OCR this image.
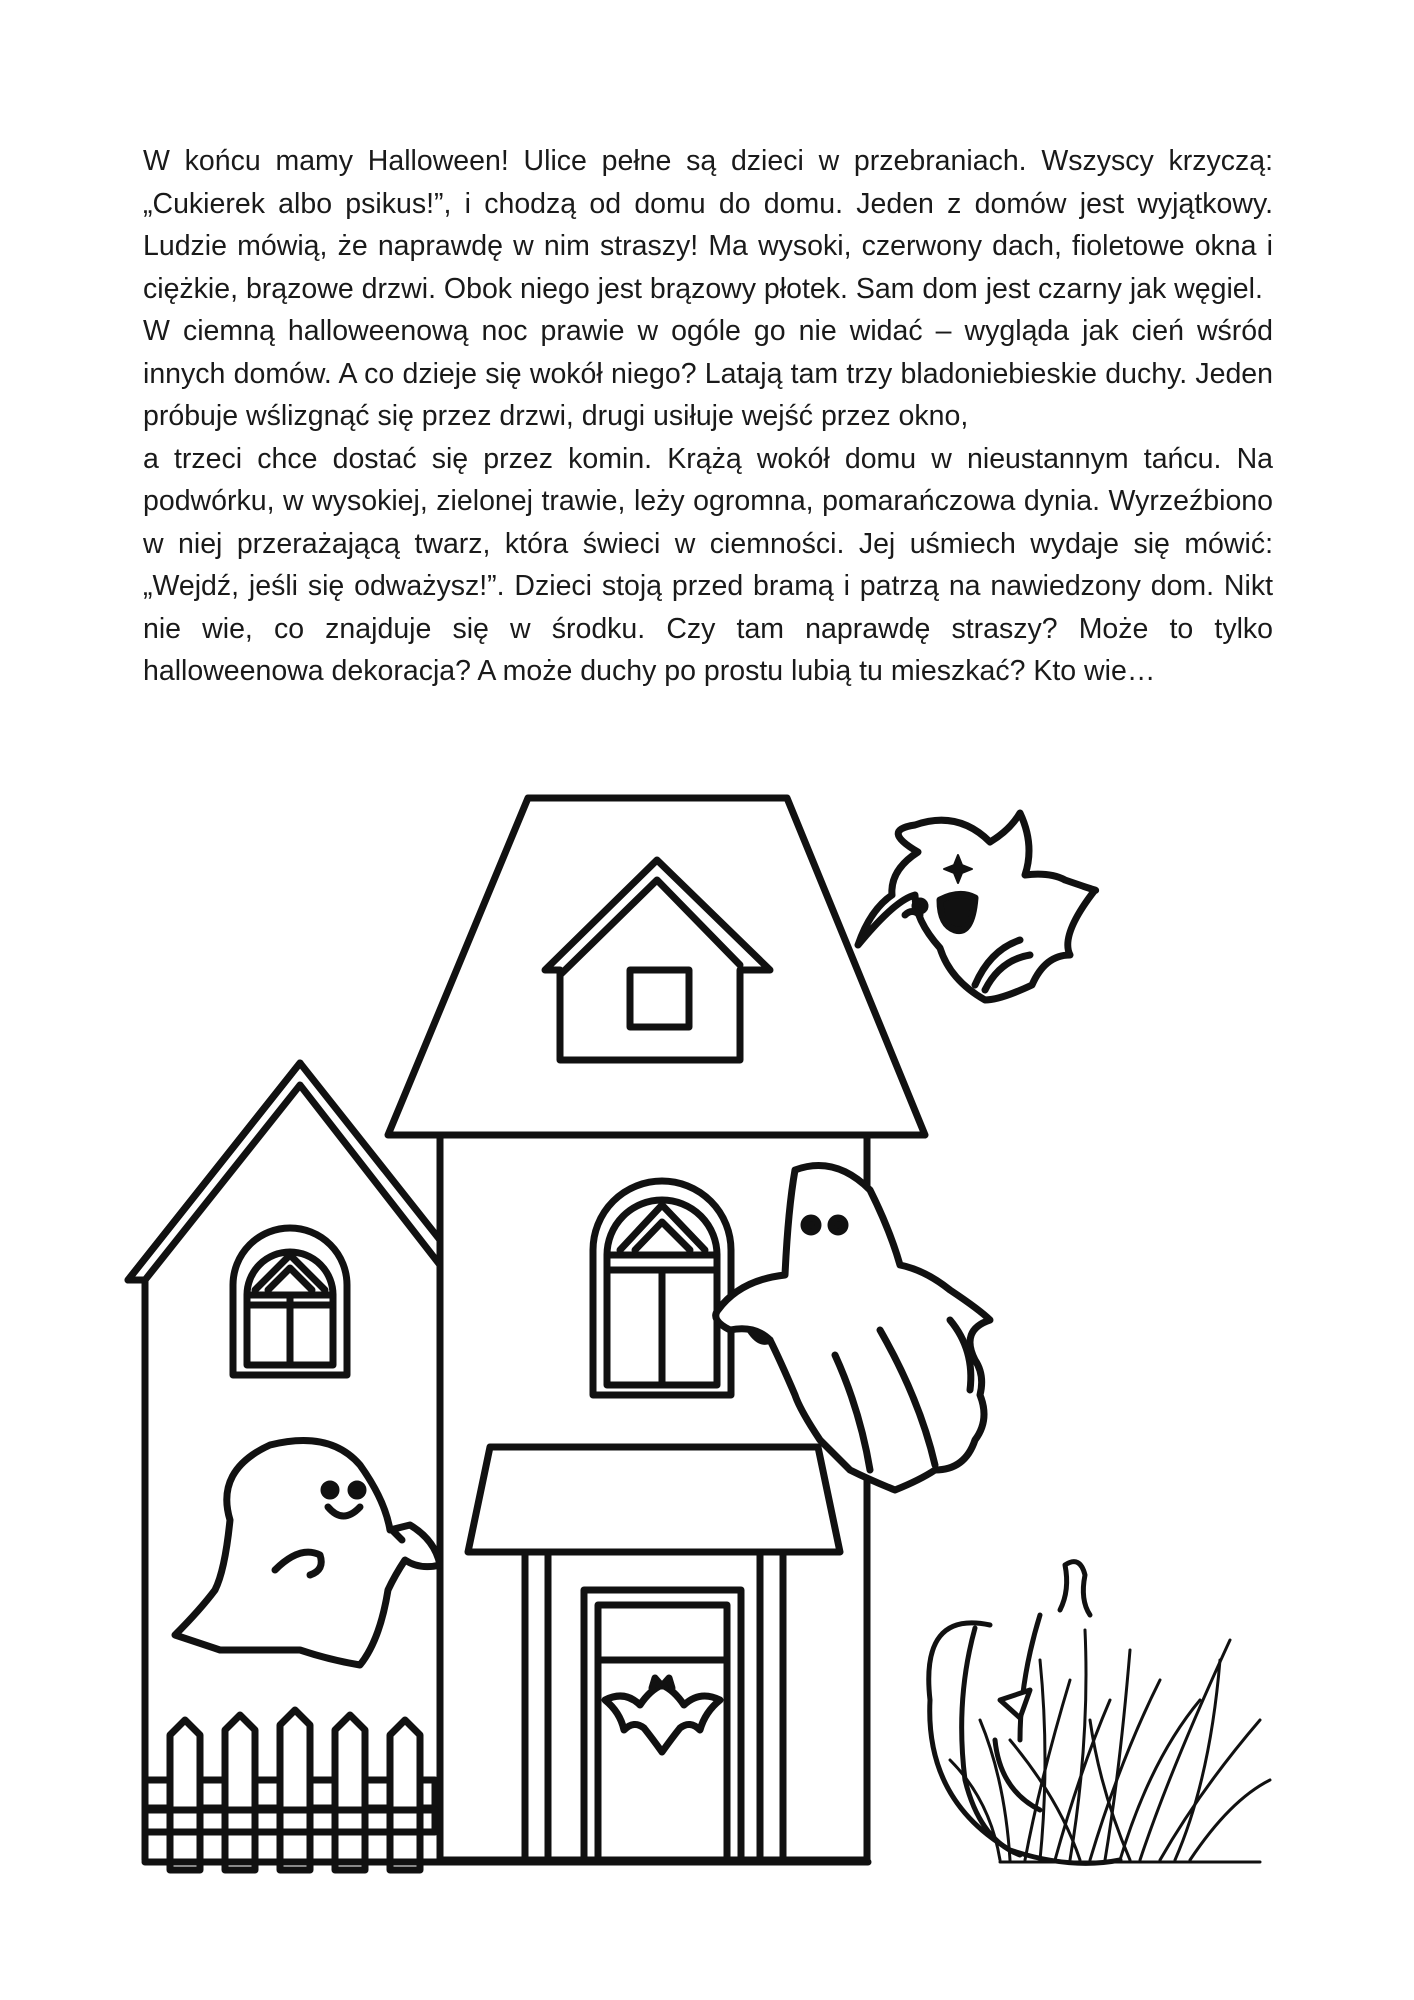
W końcu mamy Halloween! Ulice pełne są dzieci w przebraniach. Wszyscy krzyczą: „Cukierek albo psikus!”, i chodzą od domu do domu. Jeden z domów jest wyjątkowy. Ludzie mówią, że naprawdę w nim straszy! Ma wysoki, czerwony dach, fioletowe okna i ciężkie, brązowe drzwi. Obok niego jest brązowy płotek. Sam dom jest czarny jak węgiel.

W ciemną halloweenową noc prawie w ogóle go nie widać – wygląda jak cień wśród innych domów. A co dzieje się wokół niego? Latają tam trzy bladoniebieskie duchy. Jeden próbuje wślizgnąć się przez drzwi, drugi usiłuje wejść przez okno,

a trzeci chce dostać się przez komin. Krążą wokół domu w nieustannym tańcu. Na podwórku, w wysokiej, zielonej trawie, leży ogromna, pomarańczowa dynia. Wyrzeźbiono w niej przerażającą twarz, która świeci w ciemności. Jej uśmiech wydaje się mówić: „Wejdź, jeśli się odważysz!”. Dzieci stoją przed bramą i patrzą na nawiedzony dom. Nikt nie wie, co znajduje się w środku. Czy tam naprawdę straszy? Może to tylko halloweenowa dekoracja? A może duchy po prostu lubią tu mieszkać? Kto wie…
